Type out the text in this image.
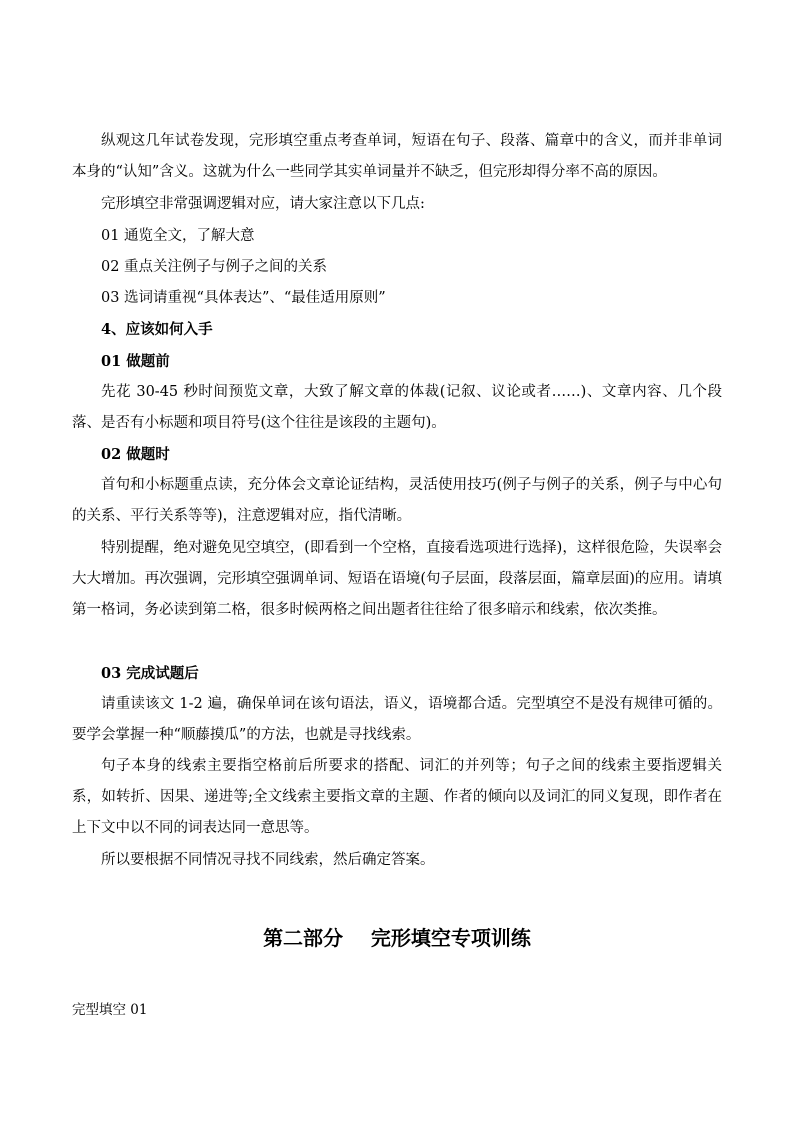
纵观这几年试卷发现，完形填空重点考查单词，短语在句子、段落、篇章中的含义，而并非单词本身的“认知”含义。这就为什么一些同学其实单词量并不缺乏，但完形却得分率不高的原因。

完形填空非常强调逻辑对应，请大家注意以下几点:

01 通览全文，了解大意

02 重点关注例子与例子之间的关系

03 选词请重视“具体表达”、“最佳适用原则”

4、应该如何入手

01 做题前

先花 30-45 秒时间预览文章，大致了解文章的体裁(记叙、议论或者……)、文章内容、几个段落、是否有小标题和项目符号(这个往往是该段的主题句)。

02 做题时

首句和小标题重点读，充分体会文章论证结构，灵活使用技巧(例子与例子的关系，例子与中心句的关系、平行关系等等)，注意逻辑对应，指代清晰。

特别提醒，绝对避免见空填空，(即看到一个空格，直接看选项进行选择)，这样很危险，失误率会大大增加。再次强调，完形填空强调单词、短语在语境(句子层面，段落层面，篇章层面)的应用。请填第一格词，务必读到第二格，很多时候两格之间出题者往往给了很多暗示和线索，依次类推。

03 完成试题后

请重读该文 1-2 遍，确保单词在该句语法，语义，语境都合适。完型填空不是没有规律可循的。要学会掌握一种“顺藤摸瓜”的方法，也就是寻找线索。

句子本身的线索主要指空格前后所要求的搭配、词汇的并列等；句子之间的线索主要指逻辑关系，如转折、因果、递进等;全文线索主要指文章的主题、作者的倾向以及词汇的同义复现，即作者在上下文中以不同的词表达同一意思等。

所以要根据不同情况寻找不同线索，然后确定答案。

第二部分    完形填空专项训练

完型填空 01
